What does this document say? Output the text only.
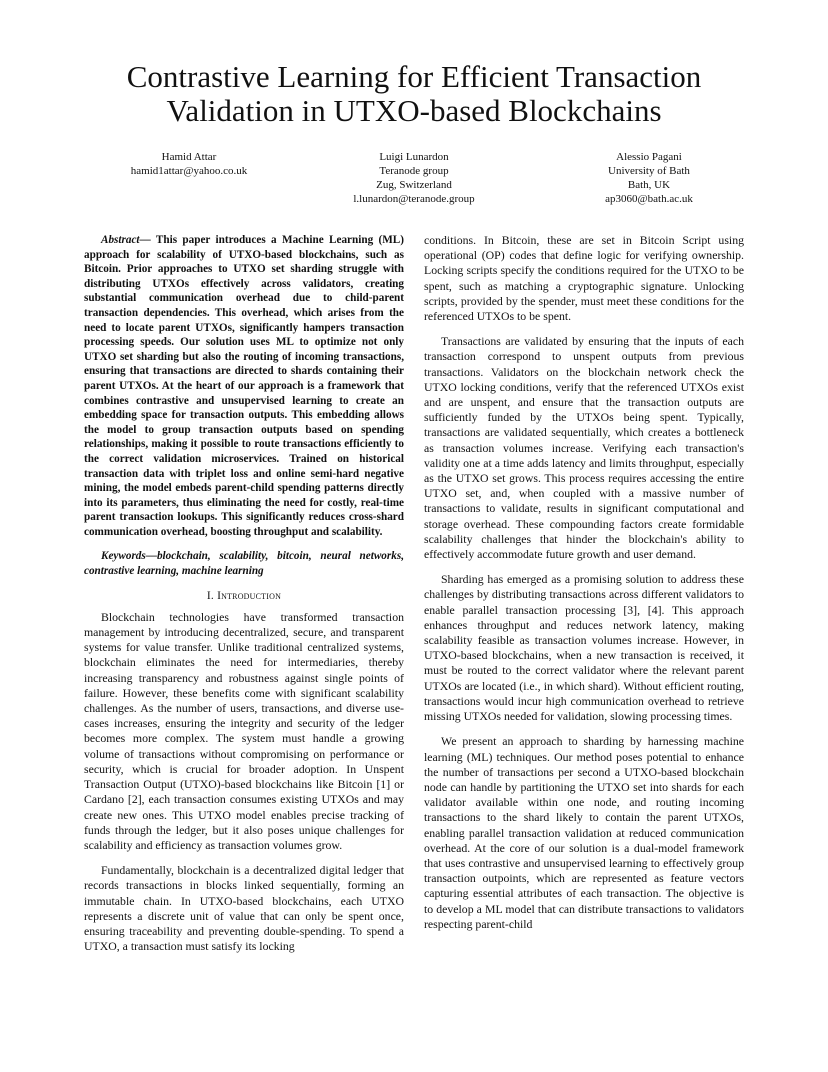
Contrastive Learning for Efficient Transaction
Validation in UTXO-based Blockchains
Hamid Attar
hamid1attar@yahoo.co.uk
Luigi Lunardon
Teranode group
Zug, Switzerland
l.lunardon@teranode.group
Alessio Pagani
University of Bath
Bath, UK
ap3060@bath.ac.uk

Abstract— This paper introduces a Machine Learning (ML) approach for scalability of UTXO-based blockchains, such as Bitcoin. Prior approaches to UTXO set sharding struggle with distributing UTXOs effectively across validators, creating substantial communication overhead due to child-parent transaction dependencies. This overhead, which arises from the need to locate parent UTXOs, significantly hampers transaction processing speeds. Our solution uses ML to optimize not only UTXO set sharding but also the routing of incoming transactions, ensuring that transactions are directed to shards containing their parent UTXOs. At the heart of our approach is a framework that combines contrastive and unsupervised learning to create an embedding space for transaction outputs. This embedding allows the model to group transaction outputs based on spending relationships, making it possible to route transactions efficiently to the correct validation microservices. Trained on historical transaction data with triplet loss and online semi-hard negative mining, the model embeds parent-child spending patterns directly into its parameters, thus eliminating the need for costly, real-time parent transaction lookups. This significantly reduces cross-shard communication overhead, boosting throughput and scalability.

Keywords—blockchain, scalability, bitcoin, neural networks, contrastive learning, machine learning

I. Introduction

Blockchain technologies have transformed transaction management by introducing decentralized, secure, and transparent systems for value transfer. Unlike traditional centralized systems, blockchain eliminates the need for intermediaries, thereby increasing transparency and robustness against single points of failure. However, these benefits come with significant scalability challenges. As the number of users, transactions, and diverse use-cases increases, ensuring the integrity and security of the ledger becomes more complex. The system must handle a growing volume of transactions without compromising on performance or security, which is crucial for broader adoption. In Unspent Transaction Output (UTXO)-based blockchains like Bitcoin [1] or Cardano [2], each transaction consumes existing UTXOs and may create new ones. This UTXO model enables precise tracking of funds through the ledger, but it also poses unique challenges for scalability and efficiency as transaction volumes grow.

Fundamentally, blockchain is a decentralized digital ledger that records transactions in blocks linked sequentially, forming an immutable chain. In UTXO-based blockchains, each UTXO represents a discrete unit of value that can only be spent once, ensuring traceability and preventing double-spending. To spend a UTXO, a transaction must satisfy its locking

conditions. In Bitcoin, these are set in Bitcoin Script using operational (OP) codes that define logic for verifying ownership. Locking scripts specify the conditions required for the UTXO to be spent, such as matching a cryptographic signature. Unlocking scripts, provided by the spender, must meet these conditions for the referenced UTXOs to be spent.

Transactions are validated by ensuring that the inputs of each transaction correspond to unspent outputs from previous transactions. Validators on the blockchain network check the UTXO locking conditions, verify that the referenced UTXOs exist and are unspent, and ensure that the transaction outputs are sufficiently funded by the UTXOs being spent. Typically, transactions are validated sequentially, which creates a bottleneck as transaction volumes increase. Verifying each transaction's validity one at a time adds latency and limits throughput, especially as the UTXO set grows. This process requires accessing the entire UTXO set, and, when coupled with a massive number of transactions to validate, results in significant computational and storage overhead. These compounding factors create formidable scalability challenges that hinder the blockchain's ability to effectively accommodate future growth and user demand.

Sharding has emerged as a promising solution to address these challenges by distributing transactions across different validators to enable parallel transaction processing [3], [4]. This approach enhances throughput and reduces network latency, making scalability feasible as transaction volumes increase. However, in UTXO-based blockchains, when a new transaction is received, it must be routed to the correct validator where the relevant parent UTXOs are located (i.e., in which shard). Without efficient routing, transactions would incur high communication overhead to retrieve missing UTXOs needed for validation, slowing processing times.

We present an approach to sharding by harnessing machine learning (ML) techniques. Our method poses potential to enhance the number of transactions per second a UTXO-based blockchain node can handle by partitioning the UTXO set into shards for each validator available within one node, and routing incoming transactions to the shard likely to contain the parent UTXOs, enabling parallel transaction validation at reduced communication overhead. At the core of our solution is a dual-model framework that uses contrastive and unsupervised learning to effectively group transaction outpoints, which are represented as feature vectors capturing essential attributes of each transaction. The objective is to develop a ML model that can distribute transactions to validators respecting parent-child
